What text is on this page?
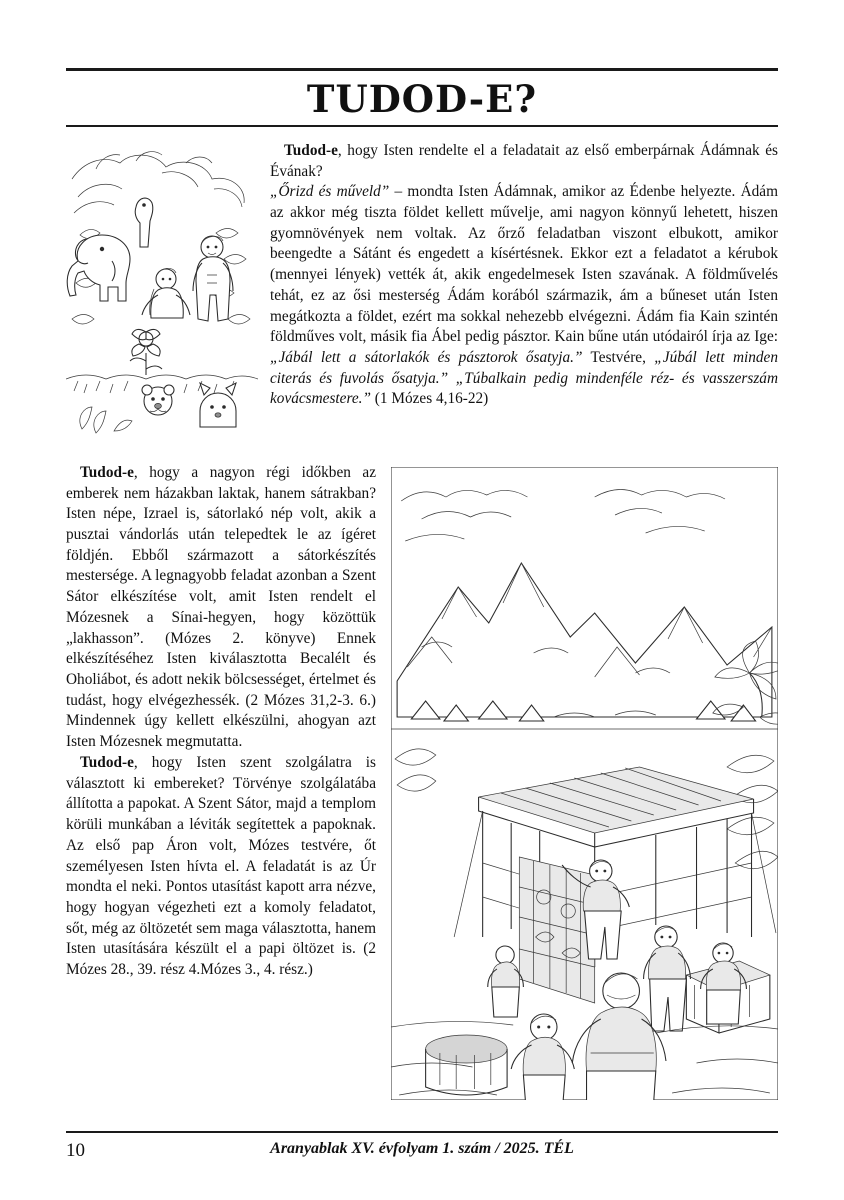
TUDOD-E?

Tudod-e, hogy Isten rendelte el a feladatait az első emberpárnak Ádámnak és Évának?
„Őrizd és műveld” – mondta Isten Ádámnak, amikor az Édenbe helyezte. Ádám az akkor még tiszta földet kellett művelje, ami nagyon könnyű lehetett, hiszen gyomnövények nem voltak. Az őrző feladatban viszont elbukott, amikor beengedte a Sátánt és engedett a kísértésnek. Ekkor ezt a feladatot a kérubok (mennyei lények) vették át, akik engedelmesek Isten szavának. A földművelés tehát, ez az ősi mesterség Ádám korából származik, ám a bűneset után Isten megátkozta a földet, ezért ma sokkal nehezebb elvégezni. Ádám fia Kain szintén földműves volt, másik fia Ábel pedig pásztor. Kain bűne után utódairól írja az Ige: „Jábál lett a sátorlakók és pásztorok ősatyja.” Testvére, „Júbál lett minden citerás és fuvolás ősatyja.” „Túbalkain pedig mindenféle réz- és vasszerszám kovácsmestere.” (1 Mózes 4,16-22)

Tudod-e, hogy a nagyon régi időkben az emberek nem házakban laktak, hanem sátrakban? Isten népe, Izrael is, sátorlakó nép volt, akik a pusztai vándorlás után telepedtek le az ígéret földjén. Ebből származott a sátorkészítés mestersége. A legnagyobb feladat azonban a Szent Sátor elkészítése volt, amit Isten rendelt el Mózesnek a Sínai-hegyen, hogy közöttük „lakhasson”. (Mózes 2. könyve) Ennek elkészítéséhez Isten kiválasztotta Becalélt és Oholiábot, és adott nekik bölcsességet, értelmet és tudást, hogy elvégezhessék. (2 Mózes 31,2-3. 6.) Mindennek úgy kellett elkészülni, ahogyan azt Isten Mózesnek megmutatta.

Tudod-e, hogy Isten szent szolgálatra is választott ki embereket? Törvénye szolgálatába állította a papokat. A Szent Sátor, majd a templom körüli munkában a léviták segítettek a papoknak. Az első pap Áron volt, Mózes testvére, őt személyesen Isten hívta el. A feladatát is az Úr mondta el neki. Pontos utasítást kapott arra nézve, hogy hogyan végezheti ezt a komoly feladatot, sőt, még az öltözetét sem maga választotta, hanem Isten utasítására készült el a papi öltözet is. (2 Mózes 28., 39. rész 4.Mózes 3., 4. rész.)

10	Aranyablak XV. évfolyam 1. szám / 2025. TÉL
